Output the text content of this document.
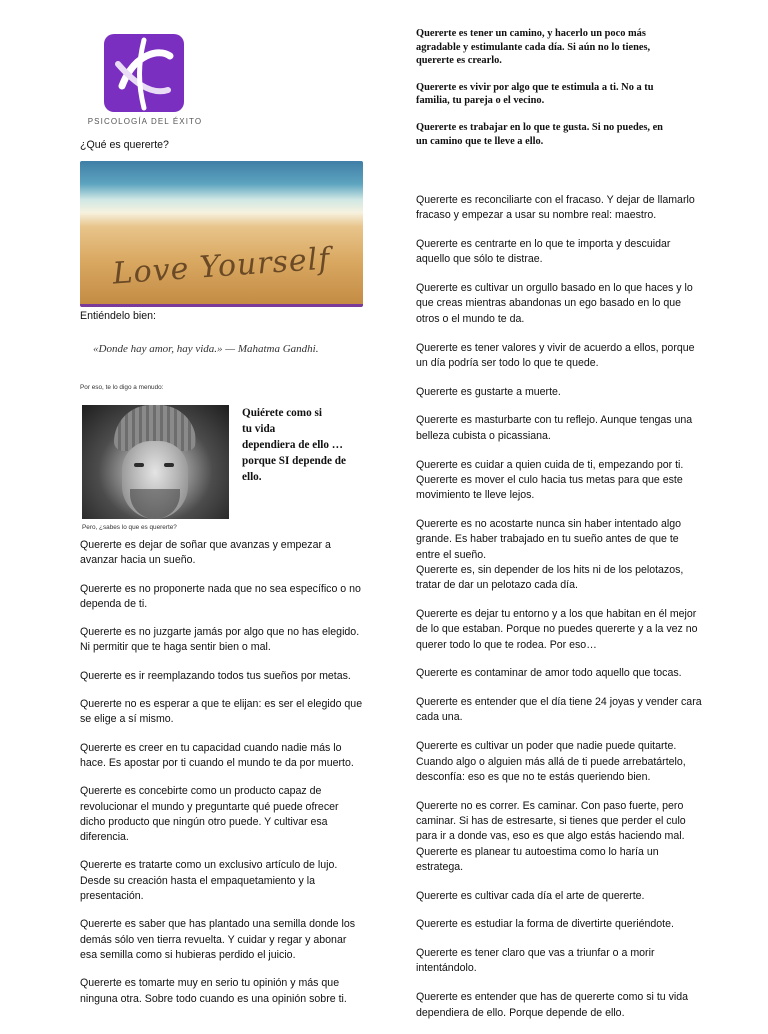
PSICOLOGÍA DEL ÉXITO
¿Qué es quererte?
Love Yourself
Entiéndelo bien:
«Donde hay amor, hay vida.» — Mahatma Gandhi.
Por eso, te lo digo a menudo:
Quiérete como si
tu vida
dependiera de ello …
porque SI depende de
ello.
Pero, ¿sabes lo que es quererte?

Quererte es dejar de soñar que avanzas y empezar a
avanzar hacia un sueño.

Quererte es no proponerte nada que no sea específico o no
dependa de ti.

Quererte es no juzgarte jamás por algo que no has elegido.
Ni permitir que te haga sentir bien o mal.

Quererte es ir reemplazando todos tus sueños por metas.

Quererte no es esperar a que te elijan: es ser el elegido que
se elige a sí mismo.

Quererte es creer en tu capacidad cuando nadie más lo
hace. Es apostar por ti cuando el mundo te da por muerto.

Quererte es concebirte como un producto capaz de
revolucionar el mundo y preguntarte qué puede ofrecer
dicho producto que ningún otro puede. Y cultivar esa
diferencia.

Quererte es tratarte como un exclusivo artículo de lujo.
Desde su creación hasta el empaquetamiento y la
presentación.

Quererte es saber que has plantado una semilla donde los
demás sólo ven tierra revuelta. Y cuidar y regar y abonar
esa semilla como si hubieras perdido el juicio.

Quererte es tomarte muy en serio tu opinión y más que
ninguna otra. Sobre todo cuando es una opinión sobre ti.

Quererte es tener un camino, y hacerlo un poco más
agradable y estimulante cada día. Si aún no lo tienes,
quererte es crearlo.

Quererte es vivir por algo que te estimula a ti. No a tu
familia, tu pareja o el vecino.

Quererte es trabajar en lo que te gusta. Si no puedes, en
un camino que te lleve a ello.

Quererte es reconciliarte con el fracaso. Y dejar de llamarlo
fracaso y empezar a usar su nombre real: maestro.

Quererte es centrarte en lo que te importa y descuidar
aquello que sólo te distrae.

Quererte es cultivar un orgullo basado en lo que haces y lo
que creas mientras abandonas un ego basado en lo que
otros o el mundo te da.

Quererte es tener valores y vivir de acuerdo a ellos, porque
un día podría ser todo lo que te quede.

Quererte es gustarte a muerte.

Quererte es masturbarte con tu reflejo. Aunque tengas una
belleza cubista o picassiana.

Quererte es cuidar a quien cuida de ti, empezando por ti.
Quererte es mover el culo hacia tus metas para que este
movimiento te lleve lejos.

Quererte es no acostarte nunca sin haber intentado algo
grande. Es haber trabajado en tu sueño antes de que te
entre el sueño.
Quererte es, sin depender de los hits ni de los pelotazos,
tratar de dar un pelotazo cada día.

Quererte es dejar tu entorno y a los que habitan en él mejor
de lo que estaban. Porque no puedes quererte y a la vez no
querer todo lo que te rodea. Por eso…

Quererte es contaminar de amor todo aquello que tocas.

Quererte es entender que el día tiene 24 joyas y vender cara
cada una.

Quererte es cultivar un poder que nadie puede quitarte.
Cuando algo o alguien más allá de ti puede arrebatártelo,
desconfía: eso es que no te estás queriendo bien.

Quererte no es correr. Es caminar. Con paso fuerte, pero
caminar. Si has de estresarte, si tienes que perder el culo
para ir a donde vas, eso es que algo estás haciendo mal.
Quererte es planear tu autoestima como lo haría un
estratega.

Quererte es cultivar cada día el arte de quererte.

Quererte es estudiar la forma de divertirte queriéndote.

Quererte es tener claro que vas a triunfar o a morir
intentándolo.

Quererte es entender que has de quererte como si tu vida
dependiera de ello. Porque depende de ello.
